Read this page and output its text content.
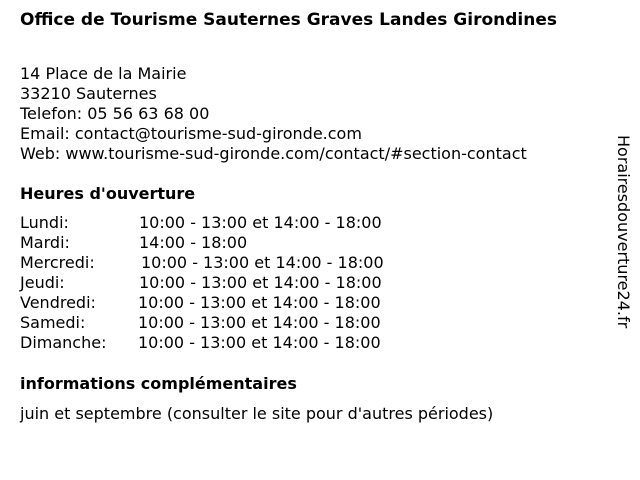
Office de Tourisme Sauternes Graves Landes Girondines
14 Place de la Mairie
33210 Sauternes
Telefon: 05 56 63 68 00
Email: contact@tourisme-sud-gironde.com
Web: www.tourisme-sud-gironde.com/contact/#section-contact
Heures d'ouverture
Lundi:	10:00 - 13:00 et 14:00 - 18:00
Mardi:	14:00 - 18:00
Mercredi:	10:00 - 13:00 et 14:00 - 18:00
Jeudi:	10:00 - 13:00 et 14:00 - 18:00
Vendredi:	10:00 - 13:00 et 14:00 - 18:00
Samedi:	10:00 - 13:00 et 14:00 - 18:00
Dimanche: 10:00 - 13:00 et 14:00 - 18:00
informations complémentaires
juin et septembre (consulter le site pour d'autres périodes)
Horairesdouverture24.fr
